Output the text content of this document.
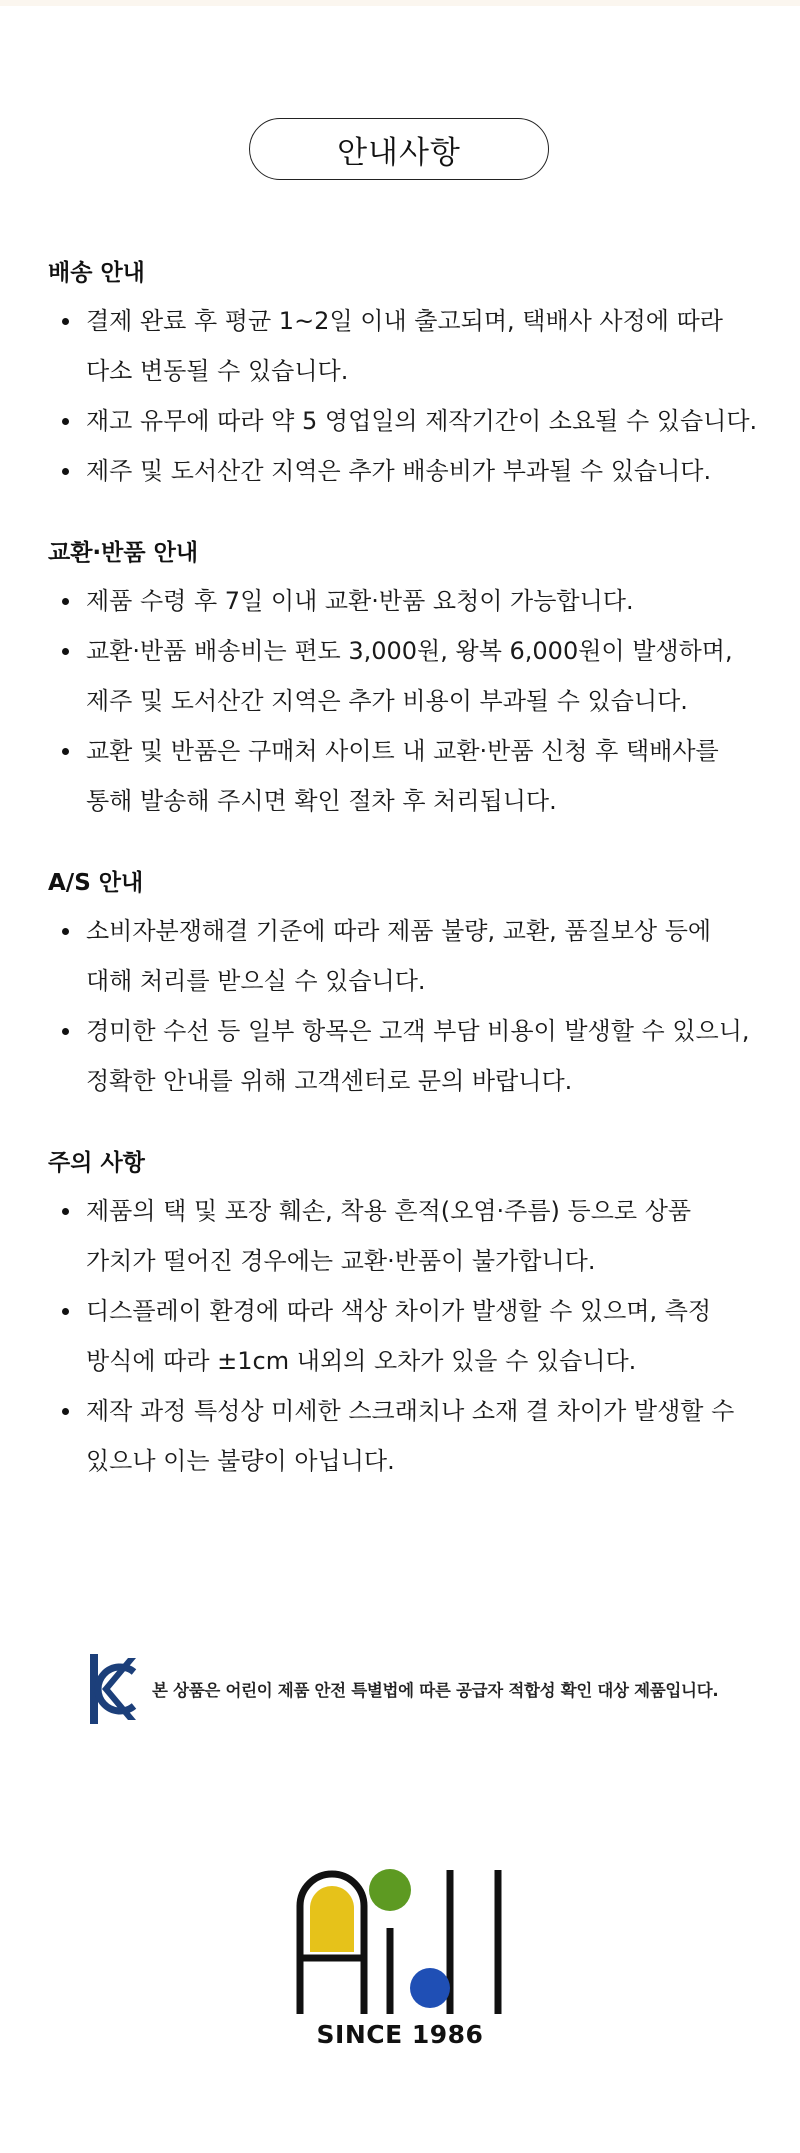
안내사항
배송 안내
결제 완료 후 평균 1~2일 이내 출고되며, 택배사 사정에 따라 다소 변동될 수 있습니다.
재고 유무에 따라 약 5 영업일의 제작기간이 소요될 수 있습니다.
제주 및 도서산간 지역은 추가 배송비가 부과될 수 있습니다.
교환·반품 안내
제품 수령 후 7일 이내 교환·반품 요청이 가능합니다.
교환·반품 배송비는 편도 3,000원, 왕복 6,000원이 발생하며, 제주 및 도서산간 지역은 추가 비용이 부과될 수 있습니다.
교환 및 반품은 구매처 사이트 내 교환·반품 신청 후 택배사를 통해 발송해 주시면 확인 절차 후 처리됩니다.
A/S 안내
소비자분쟁해결 기준에 따라 제품 불량, 교환, 품질보상 등에 대해 처리를 받으실 수 있습니다.
경미한 수선 등 일부 항목은 고객 부담 비용이 발생할 수 있으니, 정확한 안내를 위해 고객센터로 문의 바랍니다.
주의 사항
제품의 택 및 포장 훼손, 착용 흔적(오염·주름) 등으로 상품 가치가 떨어진 경우에는 교환·반품이 불가합니다.
디스플레이 환경에 따라 색상 차이가 발생할 수 있으며, 측정 방식에 따라 ±1cm 내외의 오차가 있을 수 있습니다.
제작 과정 특성상 미세한 스크래치나 소재 결 차이가 발생할 수 있으나 이는 불량이 아닙니다.
본 상품은 어린이 제품 안전 특별법에 따른 공급자 적합성 확인 대상 제품입니다.
SINCE 1986
